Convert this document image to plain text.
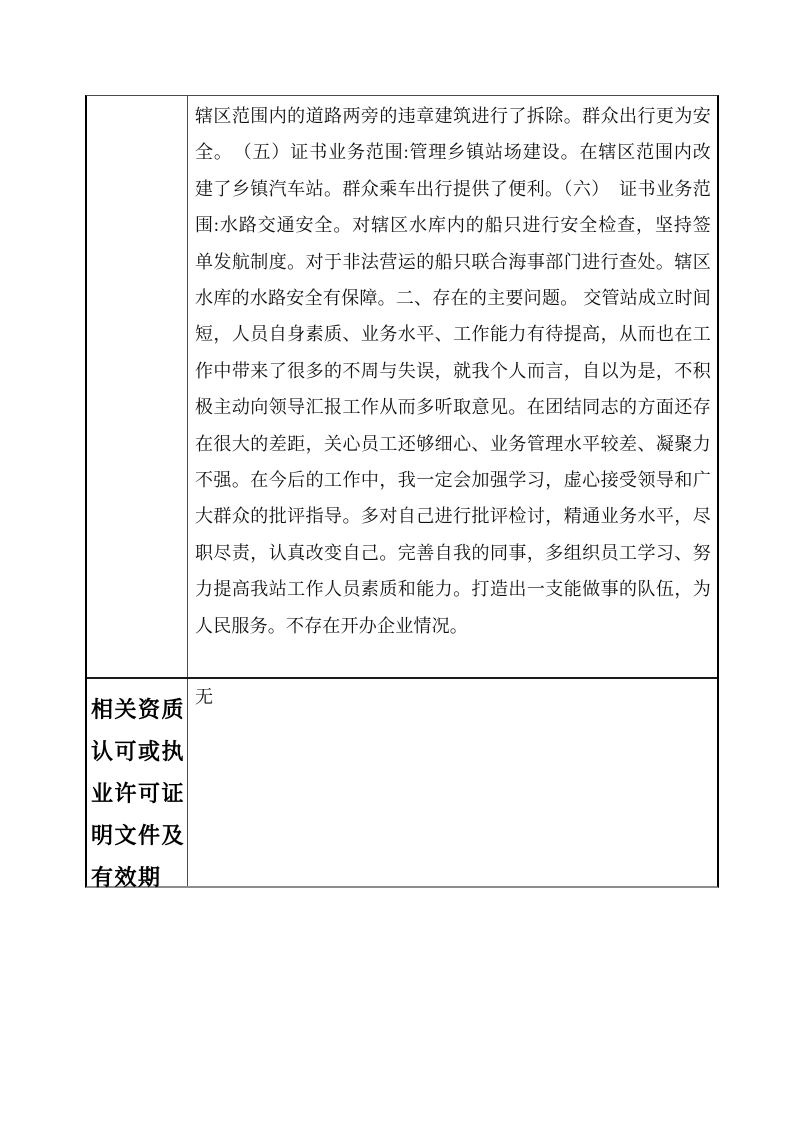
辖区范围内的道路两旁的违章建筑进行了拆除。群众出行更为安
全。　（五）证书业务范围:管理乡镇站场建设。在辖区范围内改
建了乡镇汽车站。群众乘车出行提供了便利。（六）　证书业务范
围:水路交通安全。对辖区水库内的船只进行安全检查，坚持签
单发航制度。对于非法营运的船只联合海事部门进行查处。辖区
水库的水路安全有保障。二、存在的主要问题。 交管站成立时间
短，人员自身素质、业务水平、工作能力有待提高，从而也在工
作中带来了很多的不周与失误，就我个人而言，自以为是，不积
极主动向领导汇报工作从而多听取意见。在团结同志的方面还存
在很大的差距，关心员工还够细心、业务管理水平较差、凝聚力
不强。在今后的工作中，我一定会加强学习，虚心接受领导和广
大群众的批评指导。多对自己进行批评检讨，精通业务水平，尽
职尽责，认真改变自己。完善自我的同事，多组织员工学习、努
力提高我站工作人员素质和能力。打造出一支能做事的队伍，为
人民服务。不存在开办企业情况。
相关资质
认可或执
业许可证
明文件及
有效期
无
